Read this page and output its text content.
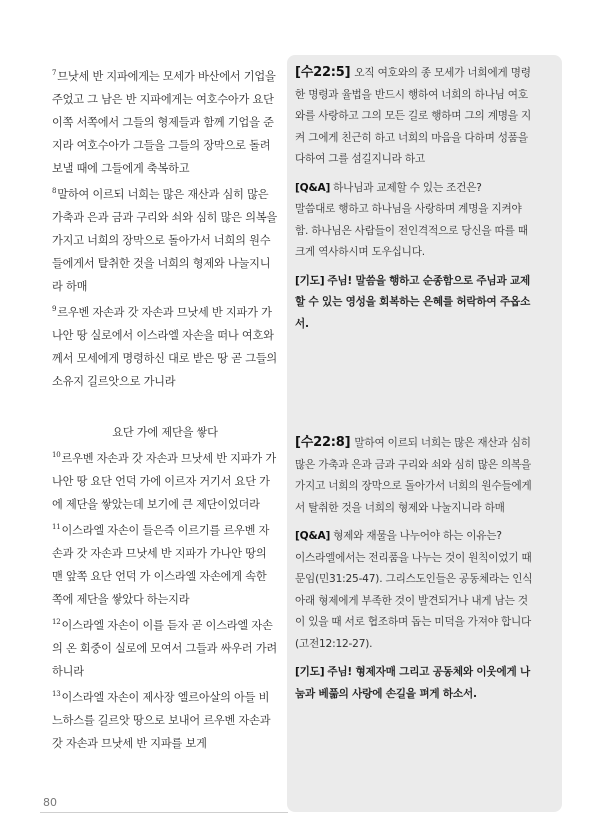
$^7$므낫세 반 지파에게는 모세가 바산에서 기업을 주었고 그 남은 반 지파에게는 여호수아가 요단 이쪽 서쪽에서 그들의 형제들과 함께 기업을 준지라 여호수아가 그들을 그들의 장막으로 돌려보낼 때에 그들에게 축복하고

$^8$말하여 이르되 너희는 많은 재산과 심히 많은 가축과 은과 금과 구리와 쇠와 심히 많은 의복을 가지고 너희의 장막으로 돌아가서 너희의 원수들에게서 탈취한 것을 너희의 형제와 나눌지니라 하매

$^9$르우벤 자손과 갓 자손과 므낫세 반 지파가 가나안 땅 실로에서 이스라엘 자손을 떠나 여호와께서 모세에게 명령하신 대로 받은 땅 곧 그들의 소유지 길르앗으로 가니라

요단 가에 제단을 쌓다

$^{10}$르우벤 자손과 갓 자손과 므낫세 반 지파가 가나안 땅 요단 언덕 가에 이르자 거기서 요단 가에 제단을 쌓았는데 보기에 큰 제단이었더라

$^{11}$이스라엘 자손이 들은즉 이르기를 르우벤 자손과 갓 자손과 므낫세 반 지파가 가나안 땅의 맨 앞쪽 요단 언덕 가 이스라엘 자손에게 속한 쪽에 제단을 쌓았다 하는지라

$^{12}$이스라엘 자손이 이를 듣자 곧 이스라엘 자손의 온 회중이 실로에 모여서 그들과 싸우러 가려 하니라

$^{13}$이스라엘 자손이 제사장 엘르아살의 아들 비느하스를 길르앗 땅으로 보내어 르우벤 자손과 갓 자손과 므낫세 반 지파를 보게

[수22:5] 오직 여호와의 종 모세가 너희에게 명령한 명령과 율법을 반드시 행하여 너희의 하나님 여호와를 사랑하고 그의 모든 길로 행하며 그의 계명을 지켜 그에게 친근히 하고 너희의 마음을 다하며 성품을 다하여 그를 섬길지니라 하고

[Q&A] 하나님과 교제할 수 있는 조건은?
말씀대로 행하고 하나님을 사랑하며 계명을 지켜야 함. 하나님은 사람들이 전인격적으로 당신을 따를 때 크게 역사하시며 도우십니다.

[기도] 주님! 말씀을 행하고 순종함으로 주님과 교제할 수 있는 영성을 회복하는 은혜를 허락하여 주옵소서.

[수22:8] 말하여 이르되 너희는 많은 재산과 심히 많은 가축과 은과 금과 구리와 쇠와 심히 많은 의복을 가지고 너희의 장막으로 돌아가서 너희의 원수들에게서 탈취한 것을 너희의 형제와 나눌지니라 하매

[Q&A] 형제와 재물을 나누어야 하는 이유는?
이스라엘에서는 전리품을 나누는 것이 원칙이었기 때문임(민31:25-47). 그리스도인들은 공동체라는 인식 아래 형제에게 부족한 것이 발견되거나 내게 남는 것이 있을 때 서로 협조하며 돕는 미덕을 가져야 합니다(고전12:12-27).

[기도] 주님! 형제자매 그리고 공동체와 이웃에게 나눔과 베풂의 사랑에 손길을 펴게 하소서.

80
